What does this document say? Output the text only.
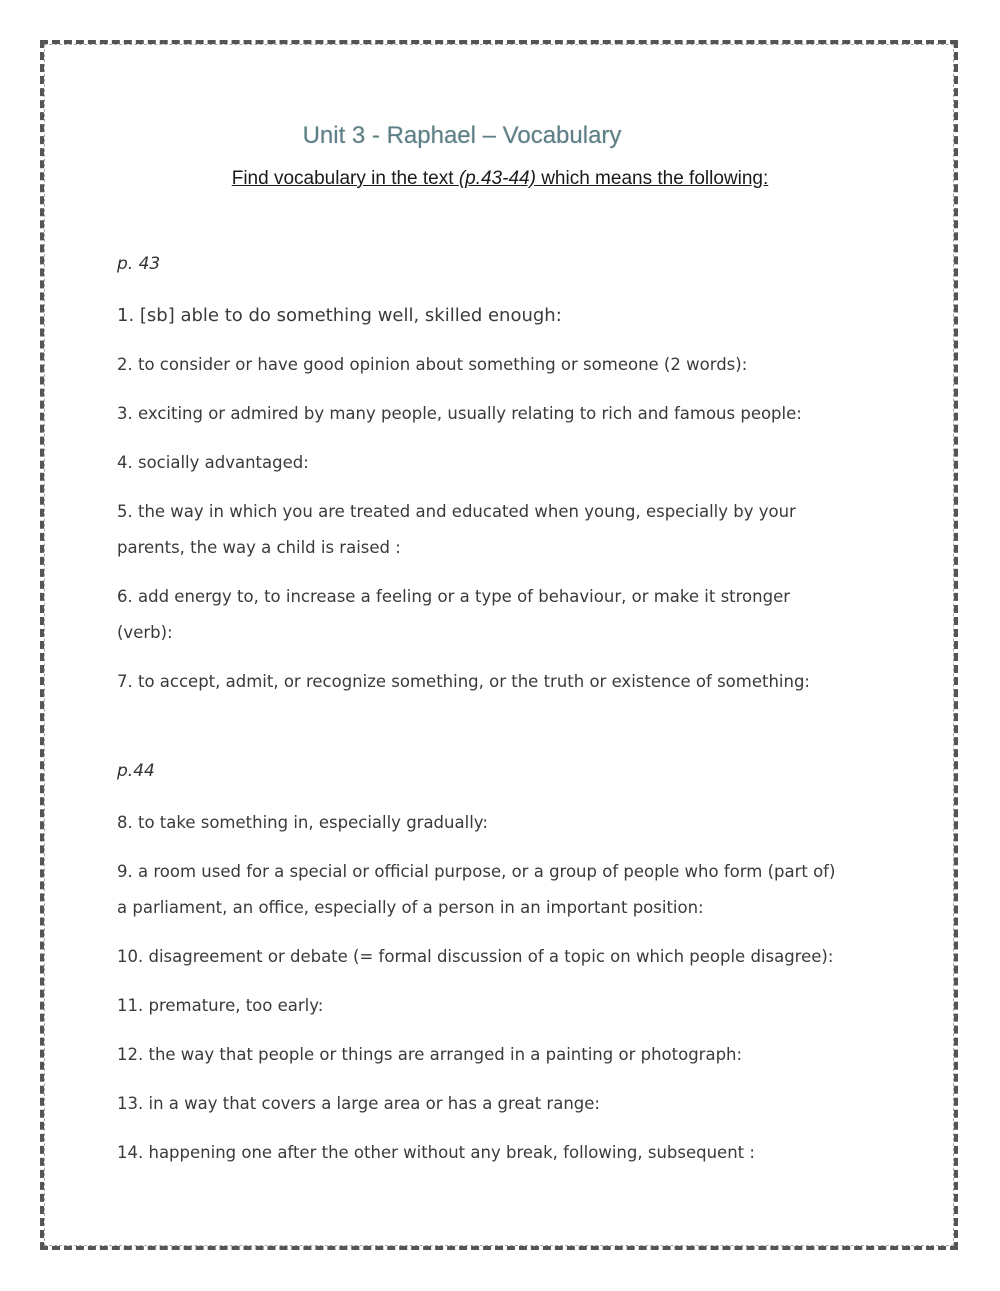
Unit 3 - Raphael – Vocabulary
Find vocabulary in the text (p.43-44) which means the following:

p. 43

1. [sb] able to do something well, skilled enough:

2. to consider or have good opinion about something or someone (2 words):

3. exciting or admired by many people, usually relating to rich and famous people:

4. socially advantaged:

5. the way in which you are treated and educated when young, especially by your

parents, the way a child is raised :

6. add energy to, to increase a feeling or a type of behaviour, or make it stronger

(verb):

7. to accept, admit, or recognize something, or the truth or existence of something:

p.44

8. to take something in, especially gradually:

9. a room used for a special or official purpose, or a group of people who form (part of)

a parliament, an office, especially of a person in an important position:

10. disagreement or debate (= formal discussion of a topic on which people disagree):

11. premature, too early:

12. the way that people or things are arranged in a painting or photograph:

13. in a way that covers a large area or has a great range:

14. happening one after the other without any break, following, subsequent :
